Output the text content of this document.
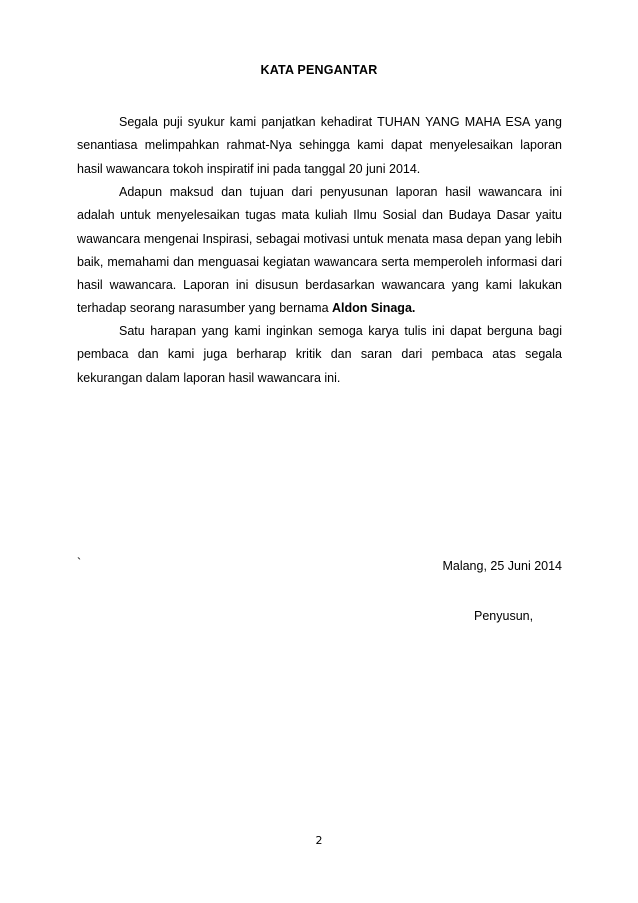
KATA PENGANTAR

Segala puji syukur kami panjatkan kehadirat TUHAN YANG MAHA ESA yang senantiasa melimpahkan rahmat-Nya sehingga kami dapat menyelesaikan laporan hasil wawancara tokoh inspiratif ini pada tanggal 20 juni 2014.

Adapun maksud dan tujuan dari penyusunan laporan hasil wawancara ini adalah untuk menyelesaikan tugas mata kuliah Ilmu Sosial dan Budaya Dasar yaitu wawancara mengenai Inspirasi, sebagai motivasi untuk menata masa depan yang lebih baik, memahami dan menguasai kegiatan wawancara serta memperoleh informasi dari hasil wawancara. Laporan ini disusun berdasarkan wawancara yang kami lakukan terhadap seorang narasumber yang bernama Aldon Sinaga.

Satu harapan yang kami inginkan semoga karya tulis ini dapat berguna bagi pembaca dan kami juga berharap kritik dan saran dari pembaca atas segala kekurangan dalam laporan hasil wawancara ini.

`	Malang, 25 Juni 2014
Penyusun,
2
